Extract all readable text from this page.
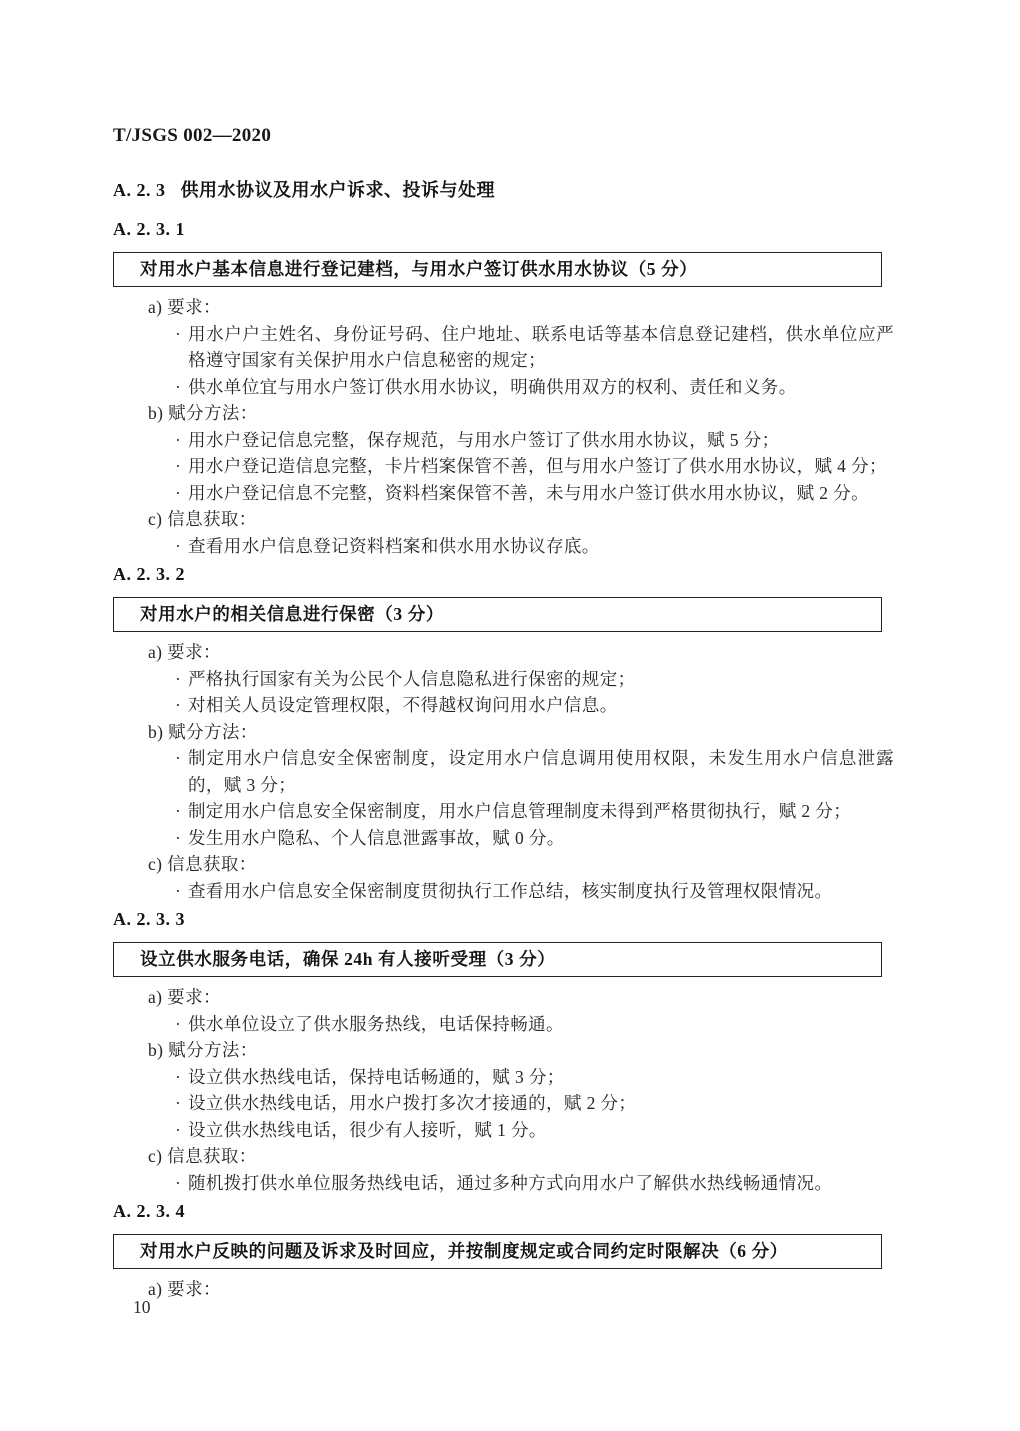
T/JSGS 002—2020
A. 2. 3 供用水协议及用水户诉求、投诉与处理
A. 2. 3. 1
对用水户基本信息进行登记建档，与用水户签订供水用水协议（5 分）
a) 要求：
· 用水户户主姓名、身份证号码、住户地址、联系电话等基本信息登记建档，供水单位应严格遵守国家有关保护用水户信息秘密的规定；
· 供水单位宜与用水户签订供水用水协议，明确供用双方的权利、责任和义务。
b) 赋分方法：
· 用水户登记信息完整，保存规范，与用水户签订了供水用水协议，赋 5 分；
· 用水户登记造信息完整，卡片档案保管不善，但与用水户签订了供水用水协议，赋 4 分；
· 用水户登记信息不完整，资料档案保管不善，未与用水户签订供水用水协议，赋 2 分。
c) 信息获取：
· 查看用水户信息登记资料档案和供水用水协议存底。
A. 2. 3. 2
对用水户的相关信息进行保密（3 分）
a) 要求：
· 严格执行国家有关为公民个人信息隐私进行保密的规定；
· 对相关人员设定管理权限，不得越权询问用水户信息。
b) 赋分方法：
· 制定用水户信息安全保密制度，设定用水户信息调用使用权限，未发生用水户信息泄露的，赋 3 分；
· 制定用水户信息安全保密制度，用水户信息管理制度未得到严格贯彻执行，赋 2 分；
· 发生用水户隐私、个人信息泄露事故，赋 0 分。
c) 信息获取：
· 查看用水户信息安全保密制度贯彻执行工作总结，核实制度执行及管理权限情况。
A. 2. 3. 3
设立供水服务电话，确保 24h 有人接听受理（3 分）
a) 要求：
· 供水单位设立了供水服务热线，电话保持畅通。
b) 赋分方法：
· 设立供水热线电话，保持电话畅通的，赋 3 分；
· 设立供水热线电话，用水户拨打多次才接通的，赋 2 分；
· 设立供水热线电话，很少有人接听，赋 1 分。
c) 信息获取：
· 随机拨打供水单位服务热线电话，通过多种方式向用水户了解供水热线畅通情况。
A. 2. 3. 4
对用水户反映的问题及诉求及时回应，并按制度规定或合同约定时限解决（6 分）
a) 要求：
10
